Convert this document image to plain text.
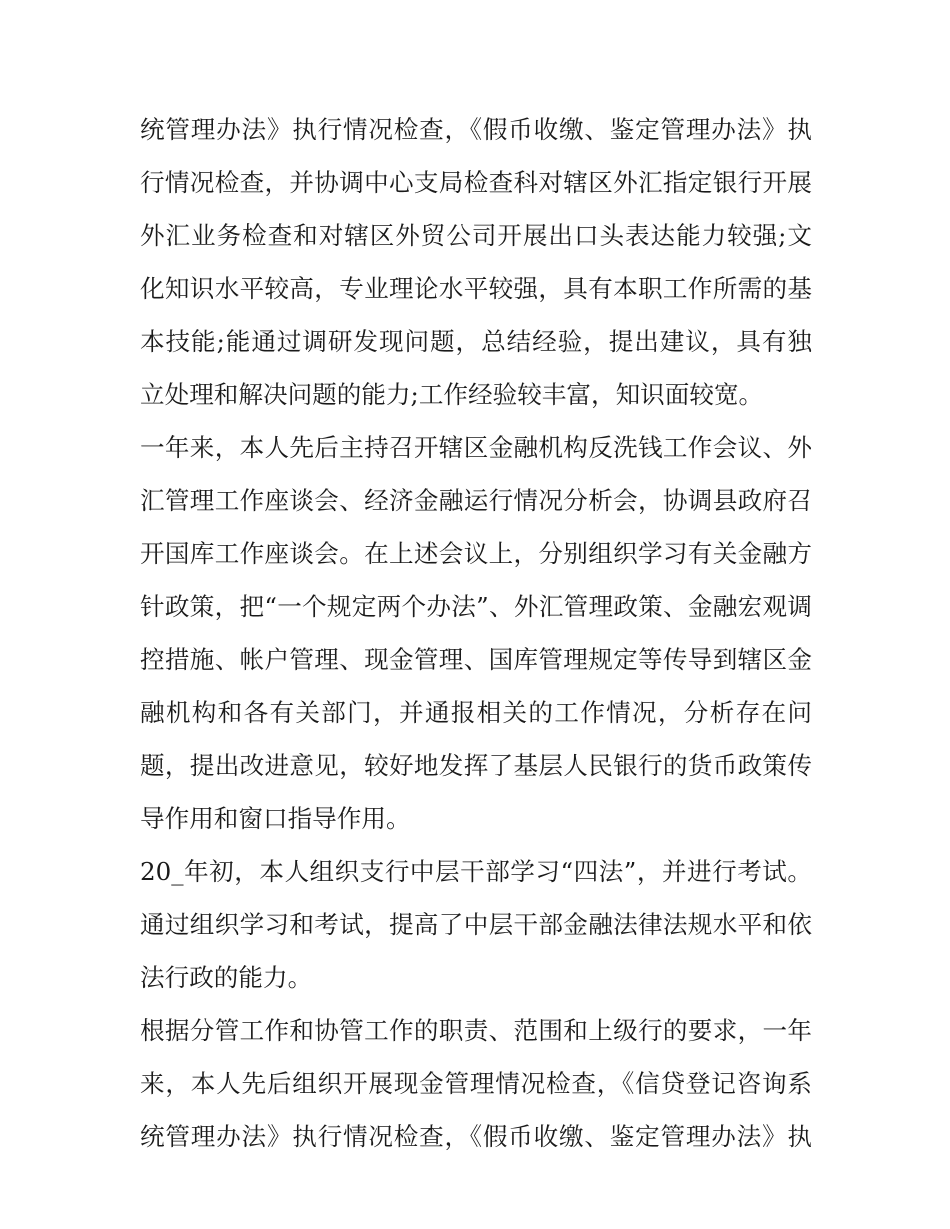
统管理办法》执行情况检查，《假币收缴、鉴定管理办法》执
行情况检查，并协调中心支局检查科对辖区外汇指定银行开展
外汇业务检查和对辖区外贸公司开展出口头表达能力较强;文
化知识水平较高，专业理论水平较强，具有本职工作所需的基
本技能;能通过调研发现问题，总结经验，提出建议，具有独
立处理和解决问题的能力;工作经验较丰富，知识面较宽。
一年来，本人先后主持召开辖区金融机构反洗钱工作会议、外
汇管理工作座谈会、经济金融运行情况分析会，协调县政府召
开国库工作座谈会。在上述会议上，分别组织学习有关金融方
针政策，把“一个规定两个办法”、外汇管理政策、金融宏观调
控措施、帐户管理、现金管理、国库管理规定等传导到辖区金
融机构和各有关部门，并通报相关的工作情况，分析存在问
题，提出改进意见，较好地发挥了基层人民银行的货币政策传
导作用和窗口指导作用。
20_年初，本人组织支行中层干部学习“四法”，并进行考试。
通过组织学习和考试，提高了中层干部金融法律法规水平和依
法行政的能力。
根据分管工作和协管工作的职责、范围和上级行的要求，一年
来，本人先后组织开展现金管理情况检查，《信贷登记咨询系
统管理办法》执行情况检查，《假币收缴、鉴定管理办法》执
